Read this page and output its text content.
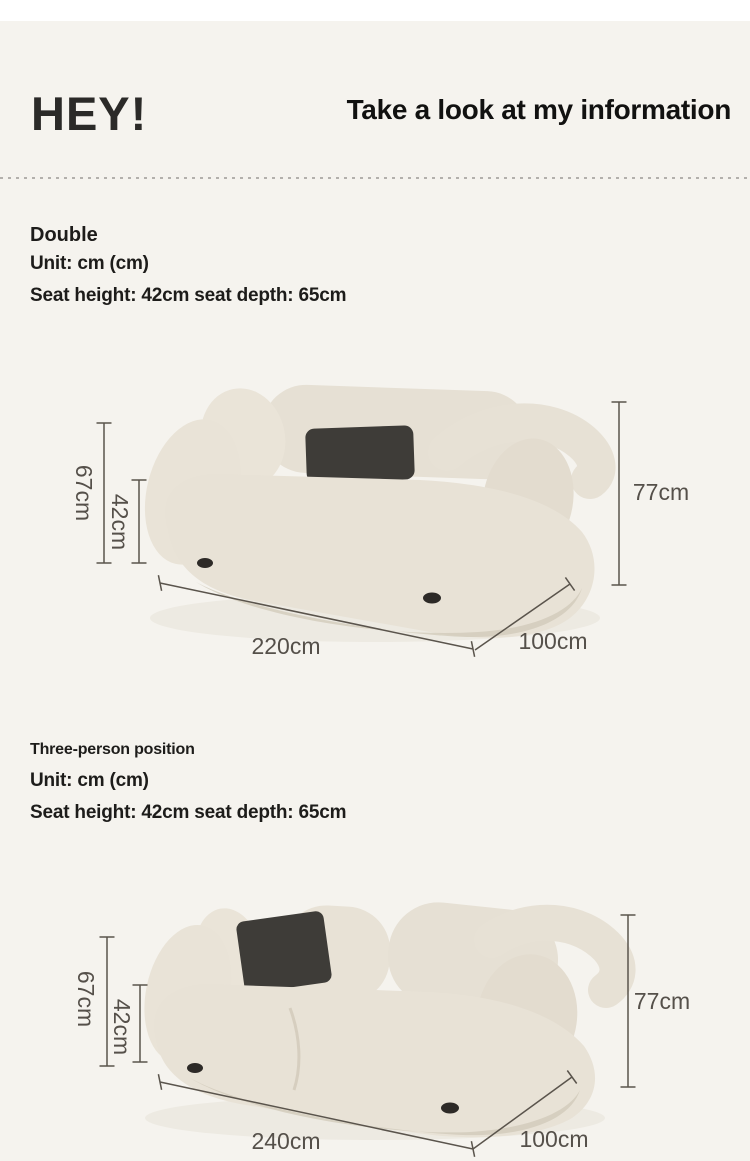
HEY!	Take a look at my information
Double
Unit: cm (cm)
Seat height: 42cm seat depth: 65cm
67cm
42cm
77cm
220cm	100cm
Three-person position
Unit: cm (cm)
Seat height: 42cm seat depth: 65cm
67cm 42cm	77cm
240cm	100cm
